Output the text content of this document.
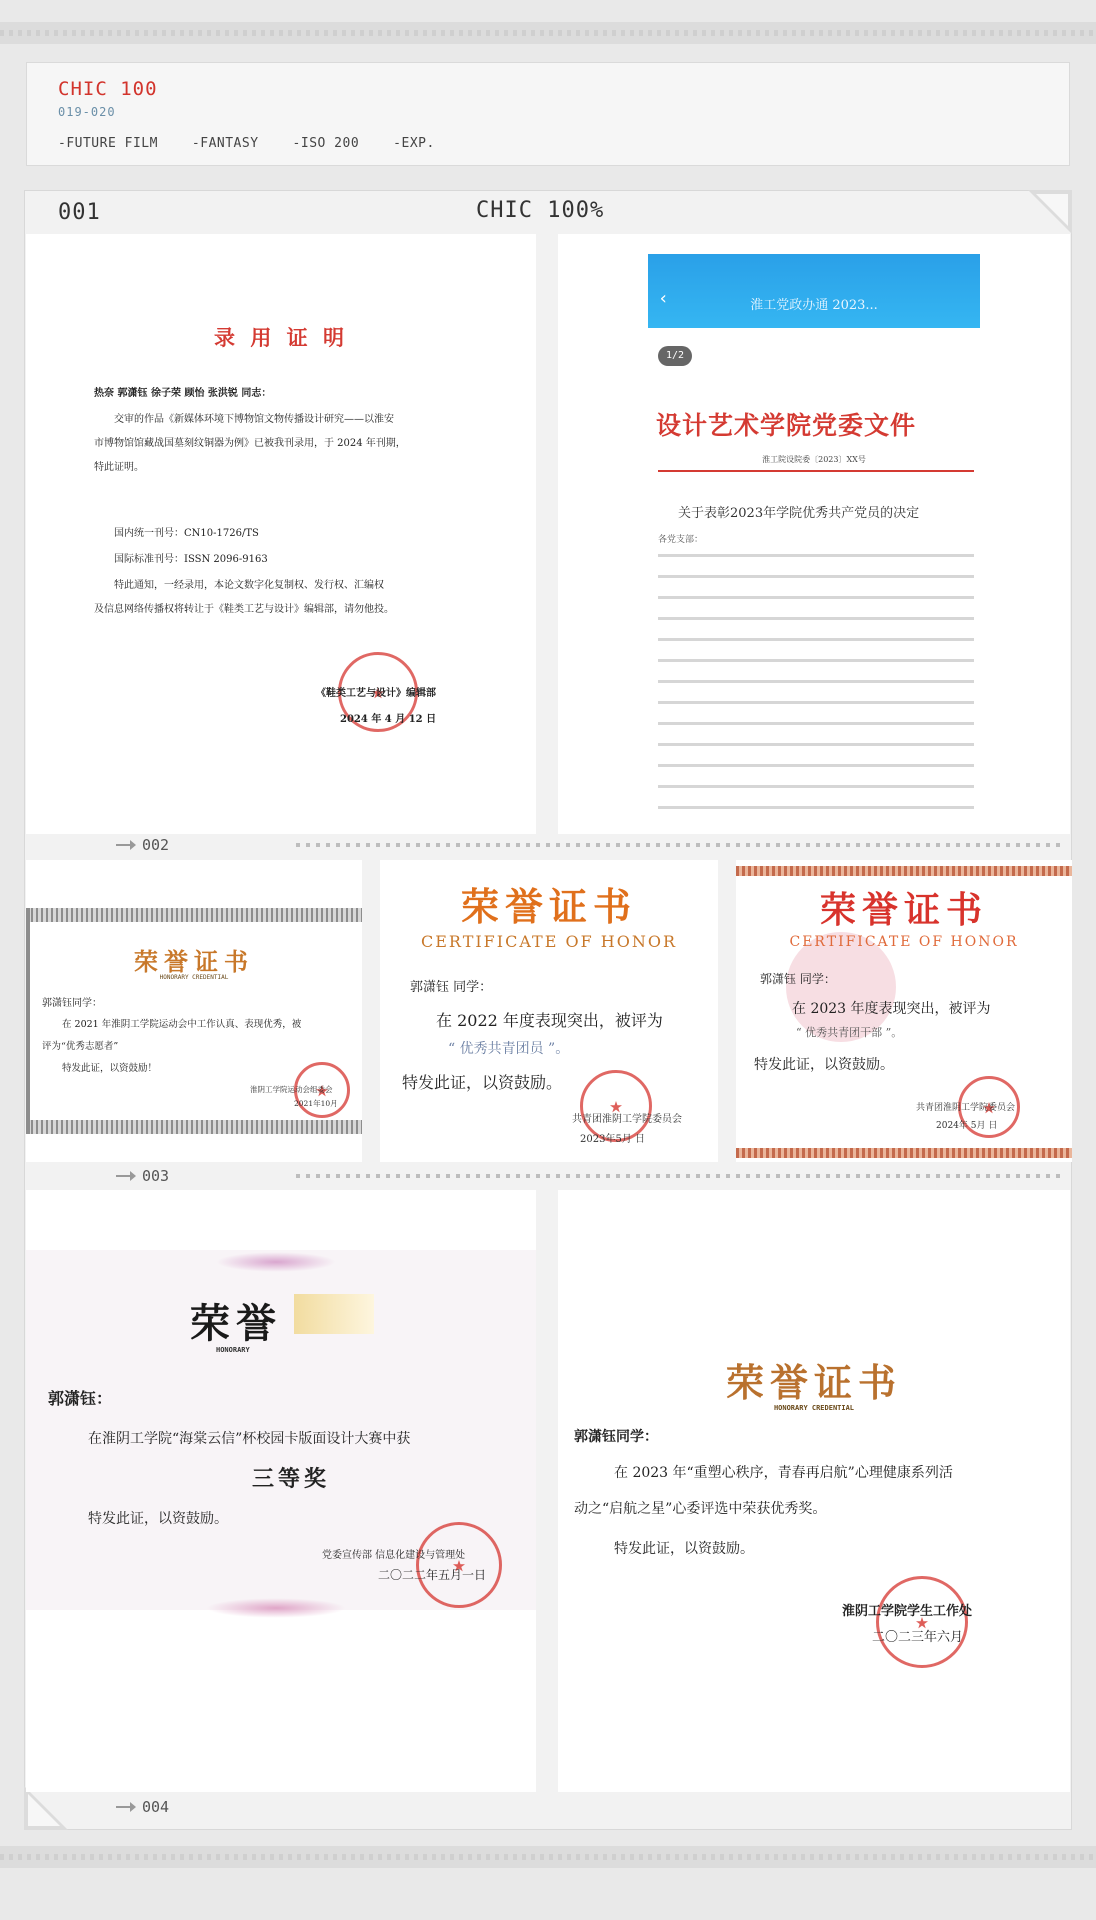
CHIC 100
019-020
-FUTURE FILM	-FANTASY	-ISO 200	-EXP.
001	CHIC 100%
录 用 证 明
热奈 郭潇钰 徐子荣 顾怡 张洪锐 同志：
交审的作品《新媒体环境下博物馆文物传播设计研究——以淮安
市博物馆馆藏战国墓刻纹铜器为例》已被我刊录用，于 2024 年刊期，
特此证明。
国内统一刊号：CN10-1726/TS
国际标准刊号：ISSN 2096-9163
特此通知，一经录用，本论文数字化复制权、发行权、汇编权
及信息网络传播权将转让于《鞋类工艺与设计》编辑部，请勿他投。
★
《鞋类工艺与设计》编辑部
2024 年 4 月 12 日
‹	淮工党政办通 2023...
1/2
设计艺术学院党委文件
淮工院设院委〔2023〕XX号
关于表彰2023年学院优秀共产党员的决定
各党支部：
002
荣誉证书
HONORARY CREDENTIAL
郭潇钰同学：
在 2021 年淮阴工学院运动会中工作认真、表现优秀，被
评为“优秀志愿者”
特发此证，以资鼓励！
★
淮阴工学院运动会组委会
2021年10月
荣誉证书
CERTIFICATE OF HONOR
郭潇钰 同学：
在 2022 年度表现突出，被评为
“ 优秀共青团员 ”。
特发此证，以资鼓励。
★
共青团淮阴工学院委员会
2023年5月 日
荣誉证书
CERTIFICATE OF HONOR
郭潇钰 同学：
在 2023 年度表现突出，被评为
“ 优秀共青团干部 ”。
特发此证，以资鼓励。
★
共青团淮阴工学院委员会
2024年 5月 日
003
荣誉
HONORARY
郭潇钰：
在淮阴工学院“海棠云信”杯校园卡版面设计大赛中获
三等奖
特发此证，以资鼓励。
★
党委宣传部 信息化建设与管理处
二〇二二年五月一日
荣誉证书
HONORARY CREDENTIAL
郭潇钰同学：
在 2023 年“重塑心秩序，青春再启航”心理健康系列活
动之“启航之星”心委评选中荣获优秀奖。
特发此证，以资鼓励。
★
淮阴工学院学生工作处
二〇二三年六月
004
